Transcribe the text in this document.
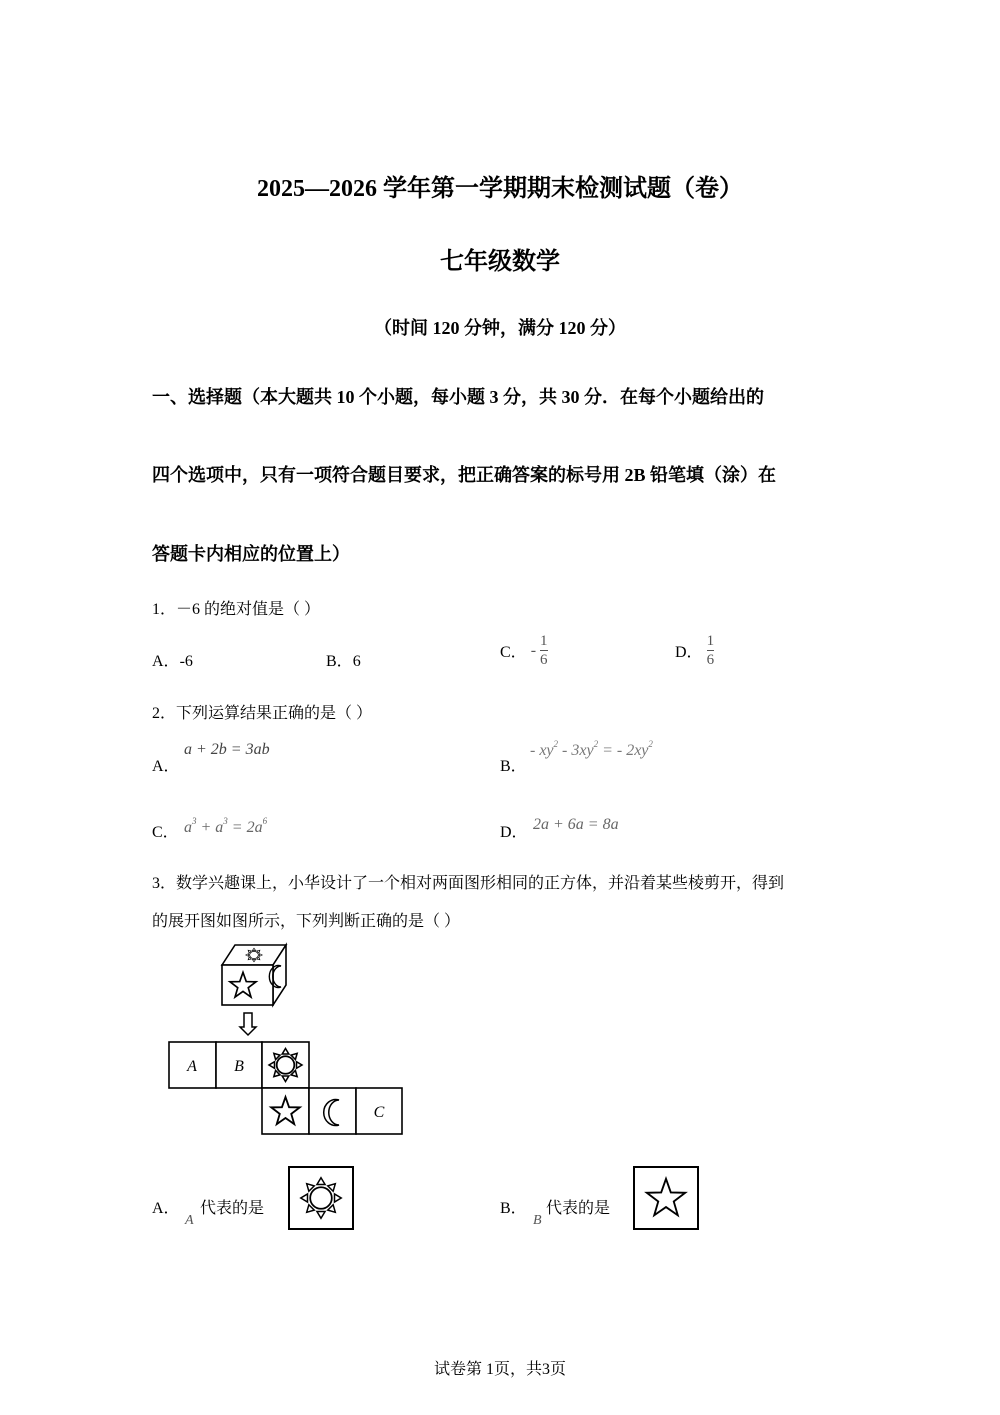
2025—2026 学年第一学期期末检测试题（卷）
七年级数学
（时间 120 分钟，满分 120 分）
一、选择题（本大题共 10 个小题，每小题 3 分，共 30 分．在每个小题给出的
四个选项中，只有一项符合题目要求，把正确答案的标号用 2B 铅笔填（涂）在
答题卡内相应的位置上）
1．－6 的绝对值是（ ）
A．-6	B．6
C． - $\frac{1}{6}$	D． $\frac{1}{6}$
2．下列运算结果正确的是（ ）
A．
a + 2b = 3ab
B．
- $xy^2 - 3xy^2$ = - $2xy^2$
C． $a^3 + a^3 = 2a^6$
D． 2a + 6a = 8a
3．数学兴趣课上，小华设计了一个相对两面图形相同的正方体，并沿着某些棱剪开，得到
的展开图如图所示，下列判断正确的是（ ）
A B
C
A．
A
代表的是	B．
B
代表的是
试卷第 1页，共3页
